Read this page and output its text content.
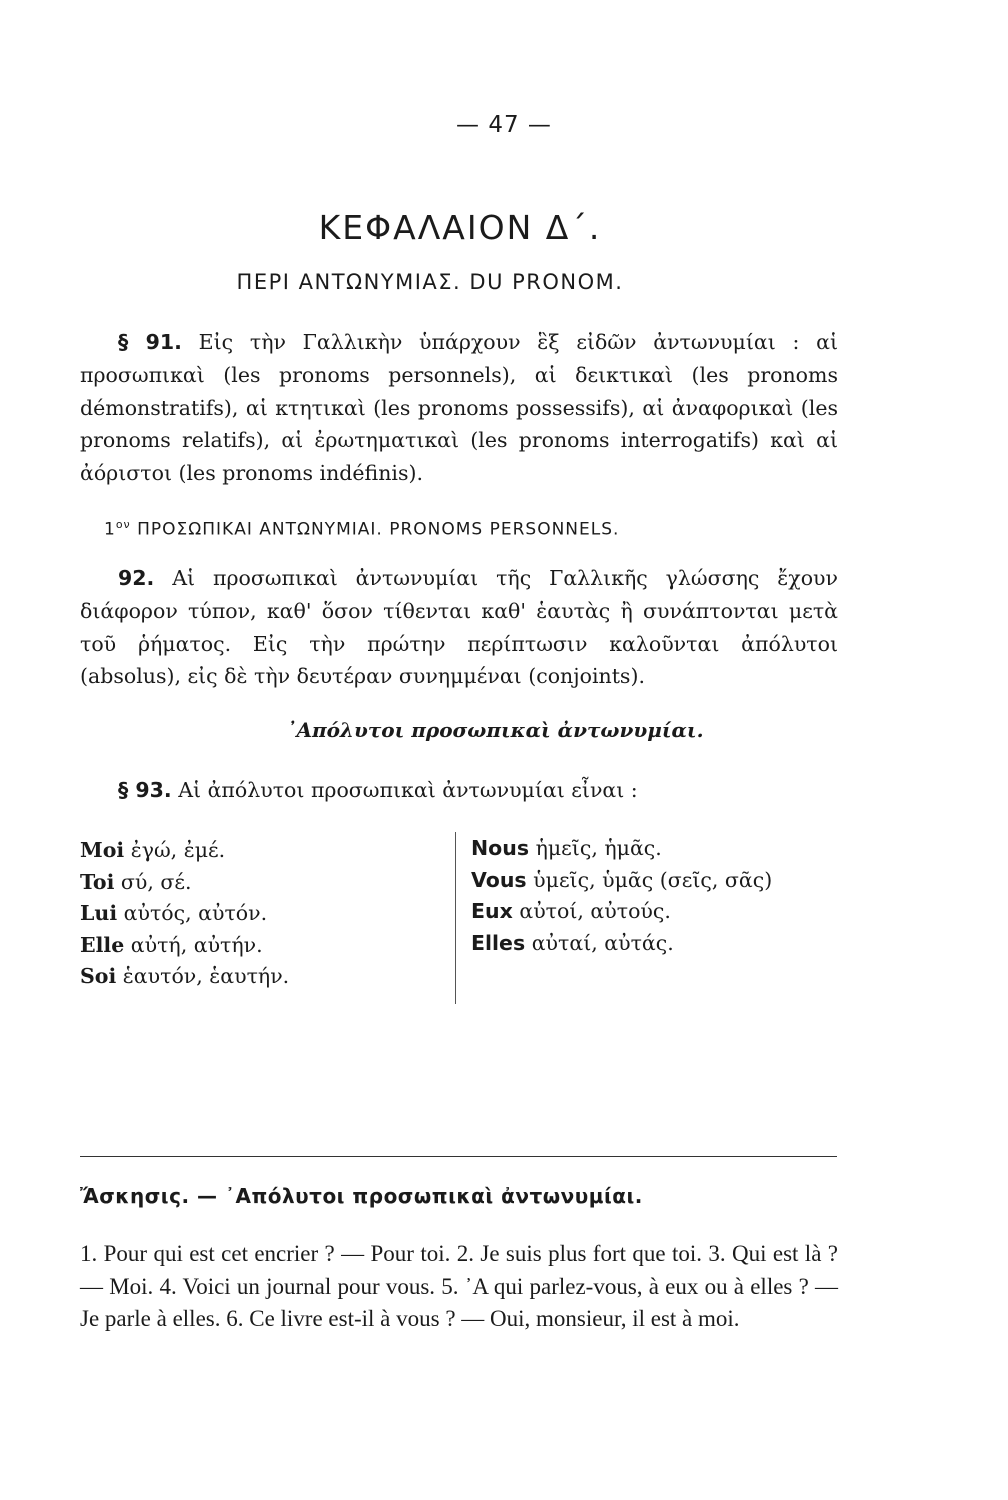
— 47 —
ΚΕΦΑΛΑΙΟΝ Δ΄.
ΠΕΡΙ ΑΝΤΩΝΥΜΙΑΣ. DU PRONOM.

§ 91. Εἰς τὴν Γαλλικὴν ὑπάρχουν ἓξ εἰδῶν ἀντωνυμίαι : αἱ προσωπικαὶ (les pronoms personnels), αἱ δεικτικαὶ (les pronoms démonstratifs), αἱ κτητικαὶ (les pronoms possessifs), αἱ ἀναφορικαὶ (les pronoms relatifs), αἱ ἐρωτηματικαὶ (les pronoms interrogatifs) καὶ αἱ ἀόριστοι (les pronoms indéfinis).

$1^{o\nu}$ ΠΡΟΣΩΠΙΚΑΙ ΑΝΤΩΝΥΜΙΑΙ. PRONOMS PERSONNELS.

92. Αἱ προσωπικαὶ ἀντωνυμίαι τῆς Γαλλικῆς γλώσσης ἔχουν διάφορον τύπον, καθ' ὅσον τίθενται καθ' ἑαυτὰς ἢ συνάπτονται μετὰ τοῦ ῥήματος. Εἰς τὴν πρώτην περίπτωσιν καλοῦνται ἀπόλυτοι (absolus), εἰς δὲ τὴν δευτέραν συνημμέναι (conjoints).

᾿Απόλυτοι προσωπικαὶ ἀντωνυμίαι.

§ 93. Αἱ ἀπόλυτοι προσωπικαὶ ἀντωνυμίαι εἶναι :

Moi ἐγώ, ἐμέ.
Toi σύ, σέ.
Lui αὐτός, αὐτόν.
Elle αὐτή, αὐτήν.
Soi ἑαυτόν, ἑαυτήν.
Nous ἡμεῖς, ἡμᾶς.
Vous ὑμεῖς, ὑμᾶς (σεῖς, σᾶς)
Eux αὐτοί, αὐτούς.
Elles αὐταί, αὐτάς.
Ἄσκησις. — ᾿Απόλυτοι προσωπικαὶ ἀντωνυμίαι.

1. Pour qui est cet encrier ? — Pour toi. 2. Je suis plus fort que toi. 3. Qui est là ? — Moi. 4. Voici un journal pour vous. 5. ᾿A qui parlez-vous, à eux ou à elles ? —Je parle à elles. 6. Ce livre est-il à vous ? — Oui, monsieur, il est à moi.
